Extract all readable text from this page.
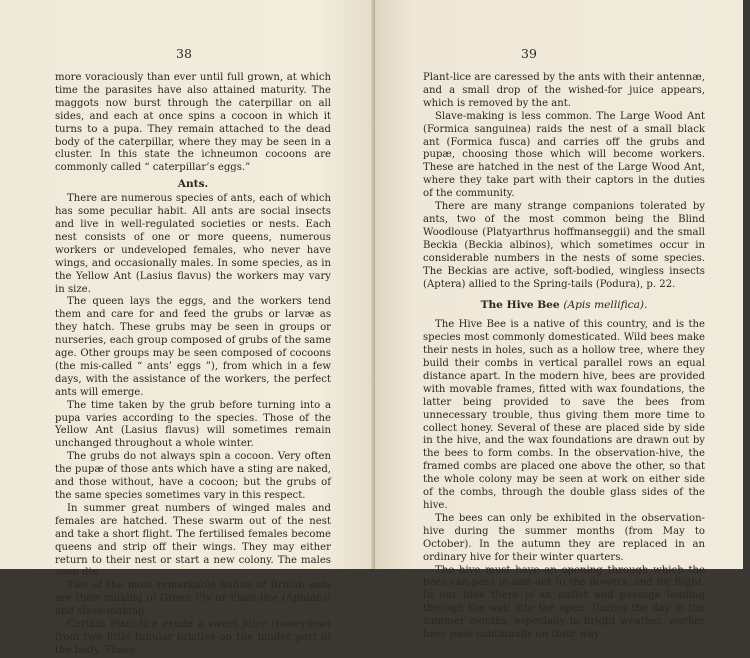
38

more voraciously than ever until full grown, at which time the parasites have also attained maturity. The maggots now burst through the caterpillar on all sides, and each at once spins a cocoon in which it turns to a pupa. They remain attached to the dead body of the caterpillar, where they may be seen in a cluster. In this state the ichneumon cocoons are commonly called “ caterpillar’s eggs.”

Ants.

There are numerous species of ants, each of which has some peculiar habit. All ants are social insects and live in well-regulated societies or nests. Each nest consists of one or more queens, numerous workers or undeveloped females, who never have wings, and occasionally males. In some species, as in the Yellow Ant (Lasius flavus) the workers may vary in size.

The queen lays the eggs, and the workers tend them and care for and feed the grubs or larvæ as they hatch. These grubs may be seen in groups or nurseries, each group composed of grubs of the same age. Other groups may be seen composed of cocoons (the mis-called “ ants’ eggs ”), from which in a few days, with the assistance of the workers, the perfect ants will emerge.

The time taken by the grub before turning into a pupa varies according to the species. Those of the Yellow Ant (Lasius flavus) will sometimes remain unchanged throughout a whole winter.

The grubs do not always spin a cocoon. Very often the pupæ of those ants which have a sting are naked, and those without, have a cocoon; but the grubs of the same species sometimes vary in this respect.

In summer great numbers of winged males and females are hatched. These swarm out of the nest and take a short flight. The fertilised females become queens and strip off their wings. They may either return to their nest or start a new colony. The males soon die.

Two of the most remarkable habits of British ants are their milking of Green Fly or Plant-lice (Aphides) and slave-making.

Certain Plant-lice exude a sweet juice (honeydew) from two little tubular bristles on the hinder part of the body. These

39

Plant-lice are caressed by the ants with their antennæ, and a small drop of the wished-for juice appears, which is removed by the ant.

Slave-making is less common. The Large Wood Ant (Formica sanguinea) raids the nest of a small black ant (Formica fusca) and carries off the grubs and pupæ, choosing those which will become workers. These are hatched in the nest of the Large Wood Ant, where they take part with their captors in the duties of the community.

There are many strange companions tolerated by ants, two of the most common being the Blind Woodlouse (Platyarthrus hoffmanseggii) and the small Beckia (Beckia albinos), which sometimes occur in considerable numbers in the nests of some species. The Beckias are active, soft-bodied, wingless insects (Aptera) allied to the Spring-tails (Podura), p. 22.

The Hive Bee (Apis mellifica).

The Hive Bee is a native of this country, and is the species most commonly domesticated. Wild bees make their nests in holes, such as a hollow tree, where they build their combs in vertical parallel rows an equal distance apart. In the modern hive, bees are provided with movable frames, fitted with wax foundations, the latter being provided to save the bees from unnecessary trouble, thus giving them more time to collect honey. Several of these are placed side by side in the hive, and the wax foundations are drawn out by the bees to form combs. In the observation-hive, the framed combs are placed one above the other, so that the whole colony may be seen at work on either side of the combs, through the double glass sides of the hive.

The bees can only be exhibited in the observation-hive during the summer months (from May to October). In the autumn they are replaced in an ordinary hive for their winter quarters.

The hive must have an opening through which the bees can pass in and out to the flowers, and for flight. In our hive there is an outlet and passage leading through the wall into the open. During the day in the summer months, especially in bright weather, worker bees pass continually on their way
